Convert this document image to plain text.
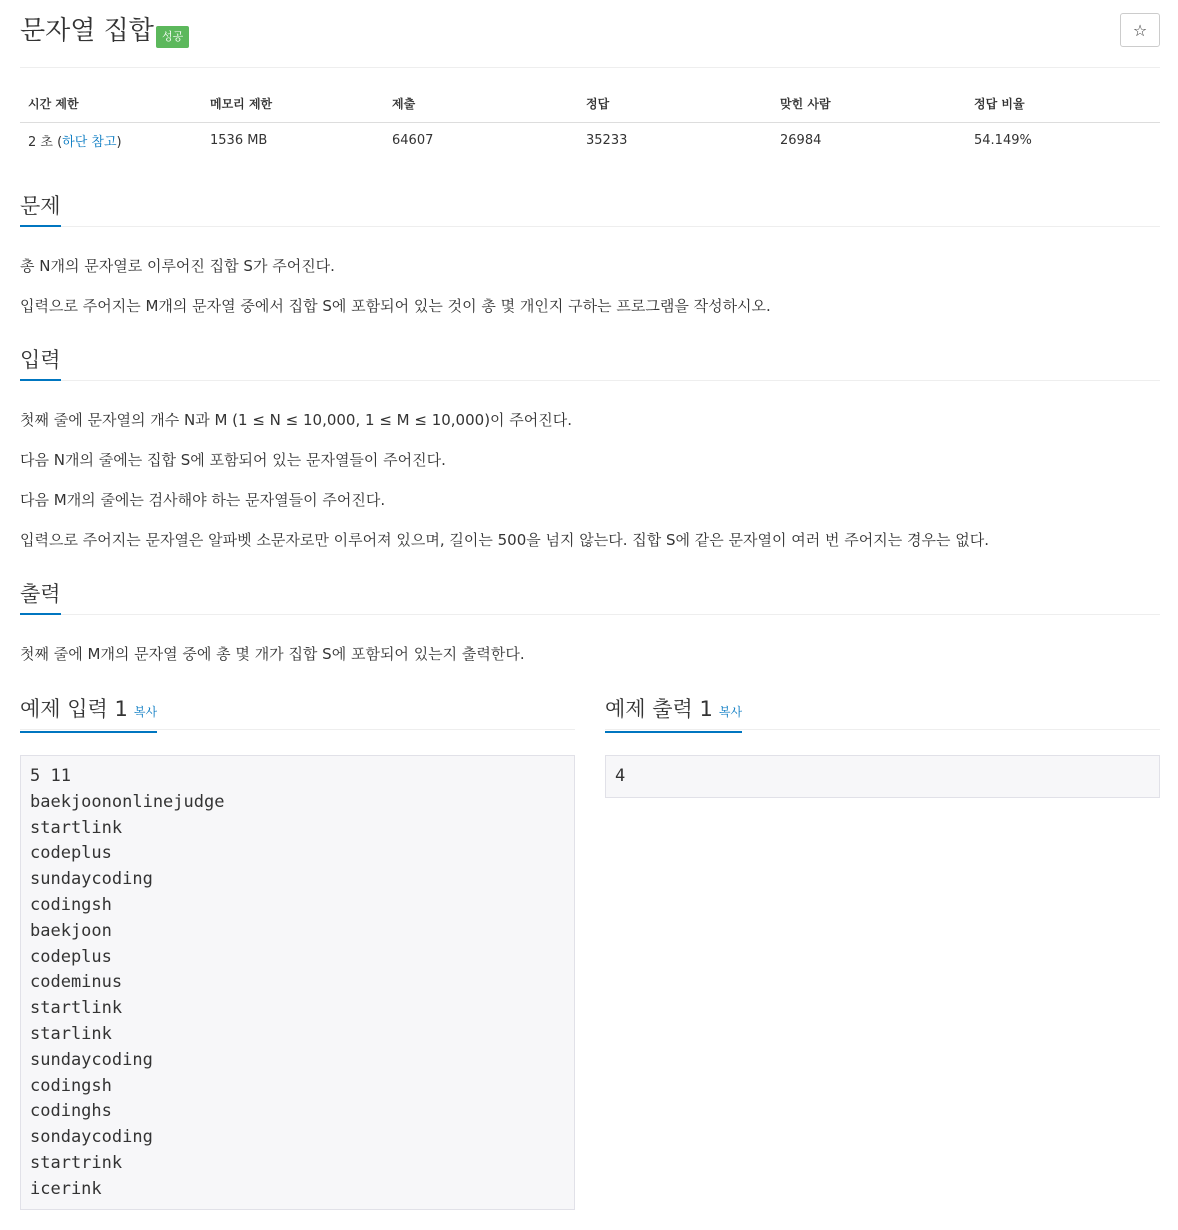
문자열 집합 성공	☆
시간 제한	메모리 제한	제출	정답	맞힌 사람	정답 비율
2 초 (하단 참고)	1536 MB	64607	35233	26984	54.149%
문제

총 N개의 문자열로 이루어진 집합 S가 주어진다.

입력으로 주어지는 M개의 문자열 중에서 집합 S에 포함되어 있는 것이 총 몇 개인지 구하는 프로그램을 작성하시오.

입력

첫째 줄에 문자열의 개수 N과 M (1 ≤ N ≤ 10,000, 1 ≤ M ≤ 10,000)이 주어진다.

다음 N개의 줄에는 집합 S에 포함되어 있는 문자열들이 주어진다.

다음 M개의 줄에는 검사해야 하는 문자열들이 주어진다.

입력으로 주어지는 문자열은 알파벳 소문자로만 이루어져 있으며, 길이는 500을 넘지 않는다. 집합 S에 같은 문자열이 여러 번 주어지는 경우는 없다.

출력

첫째 줄에 M개의 문자열 중에 총 몇 개가 집합 S에 포함되어 있는지 출력한다.

예제 입력 1 복사
5 11
baekjoononlinejudge
startlink
codeplus
sundaycoding
codingsh
baekjoon
codeplus
codeminus
startlink
starlink
sundaycoding
codingsh
codinghs
sondaycoding
startrink
icerink
예제 출력 1 복사
4
